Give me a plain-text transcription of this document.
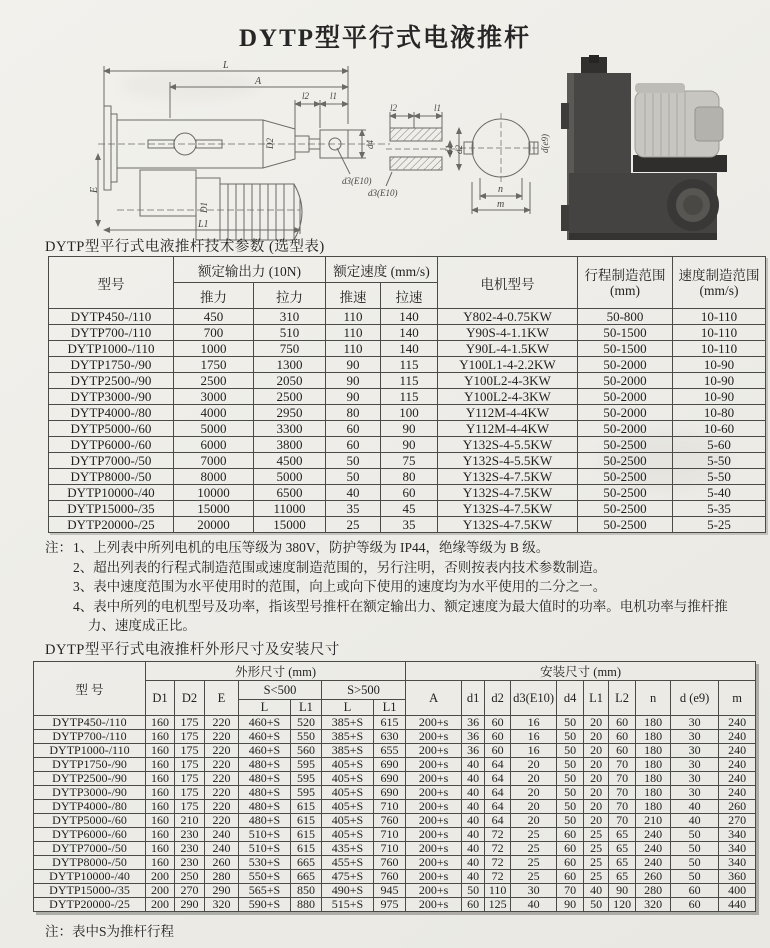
DYTP型平行式电液推杆
L
A
l2 l1
D2	d4
E
D1
L1
d3(E10)
l2	l1
d1 d2
d3(E10)	n
m
d(e9)
DYTP型平行式电液推杆技术参数 (选型表)
型号	额定输出力 (10N)	额定速度 (mm/s)	电机型号	
行程制造范围
(mm)

速度制造范围
(mm/s)

	推力	拉力	推速	拉速			
DYTP450-/110	450	310	110	140	Y802-4-0.75KW	50-800	10-110
DYTP700-/110	700	510	110	140	Y90S-4-1.1KW	50-1500	10-110
DYTP1000-/110	1000	750	110	140	Y90L-4-1.5KW	50-1500	10-110
DYTP1750-/90	1750	1300	90	115	Y100L1-4-2.2KW	50-2000	10-90
DYTP2500-/90	2500	2050	90	115	Y100L2-4-3KW	50-2000	10-90
DYTP3000-/90	3000	2500	90	115	Y100L2-4-3KW	50-2000	10-90
DYTP4000-/80	4000	2950	80	100	Y112M-4-4KW	50-2000	10-80
DYTP5000-/60	5000	3300	60	90	Y112M-4-4KW	50-2000	10-60
DYTP6000-/60	6000	3800	60	90	Y132S-4-5.5KW	50-2500	5-60
DYTP7000-/50	7000	4500	50	75	Y132S-4-5.5KW	50-2500	5-50
DYTP8000-/50	8000	5000	50	80	Y132S-4-7.5KW	50-2500	5-50
DYTP10000-/40	10000	6500	40	60	Y132S-4-7.5KW	50-2500	5-40
DYTP15000-/35	15000	11000	35	45	Y132S-4-7.5KW	50-2500	5-35
DYTP20000-/25	20000	15000	25	35	Y132S-4-7.5KW	50-2500	5-25
注： 1、上列表中所列电机的电压等级为 380V，防护等级为 IP44，绝缘等级为 B 级。
2、超出列表的行程式制造范围或速度制造范围的，另行注明，否则按表内技术参数制造。
3、表中速度范围为水平使用时的范围，向上或向下使用的速度均为水平使用的二分之一。
4、表中所列的电机型号及功率，指该型号推杆在额定输出力、额定速度为最大值时的功率。电机功率与推杆推力、速度成正比。
DYTP型平行式电液推杆外形尺寸及安装尺寸
型 号	外形尺寸 (mm)							安装尺寸 (mm)									
	D1	D2	E	S<500		S>500		A	d1	d2	d3(E10)	d4	L1	L2	n	d (e9)	m
				L	L1	L	L1										
DYTP450-/110	160	175	220	460+S	520	385+S	615	200+s	36	60	16	50	20	60	180	30	240
DYTP700-/110	160	175	220	460+S	550	385+S	630	200+s	36	60	16	50	20	60	180	30	240
DYTP1000-/110	160	175	220	460+S	560	385+S	655	200+s	36	60	16	50	20	60	180	30	240
DYTP1750-/90	160	175	220	480+S	595	405+S	690	200+s	40	64	20	50	20	70	180	30	240
DYTP2500-/90	160	175	220	480+S	595	405+S	690	200+s	40	64	20	50	20	70	180	30	240
DYTP3000-/90	160	175	220	480+S	595	405+S	690	200+s	40	64	20	50	20	70	180	30	240
DYTP4000-/80	160	175	220	480+S	615	405+S	710	200+s	40	64	20	50	20	70	180	40	260
DYTP5000-/60	160	210	220	480+S	615	405+S	760	200+s	40	64	20	50	20	70	210	40	270
DYTP6000-/60	160	230	240	510+S	615	405+S	710	200+s	40	72	25	60	25	65	240	50	340
DYTP7000-/50	160	230	240	510+S	615	435+S	710	200+s	40	72	25	60	25	65	240	50	340
DYTP8000-/50	160	230	260	530+S	665	455+S	760	200+s	40	72	25	60	25	65	240	50	340
DYTP10000-/40	200	250	280	550+S	665	475+S	760	200+s	40	72	25	60	25	65	260	50	360
DYTP15000-/35	200	270	290	565+S	850	490+S	945	200+s	50	110	30	70	40	90	280	60	400
DYTP20000-/25	200	290	320	590+S	880	515+S	975	200+s	60	125	40	90	50	120	320	60	440
注：表中S为推杆行程
